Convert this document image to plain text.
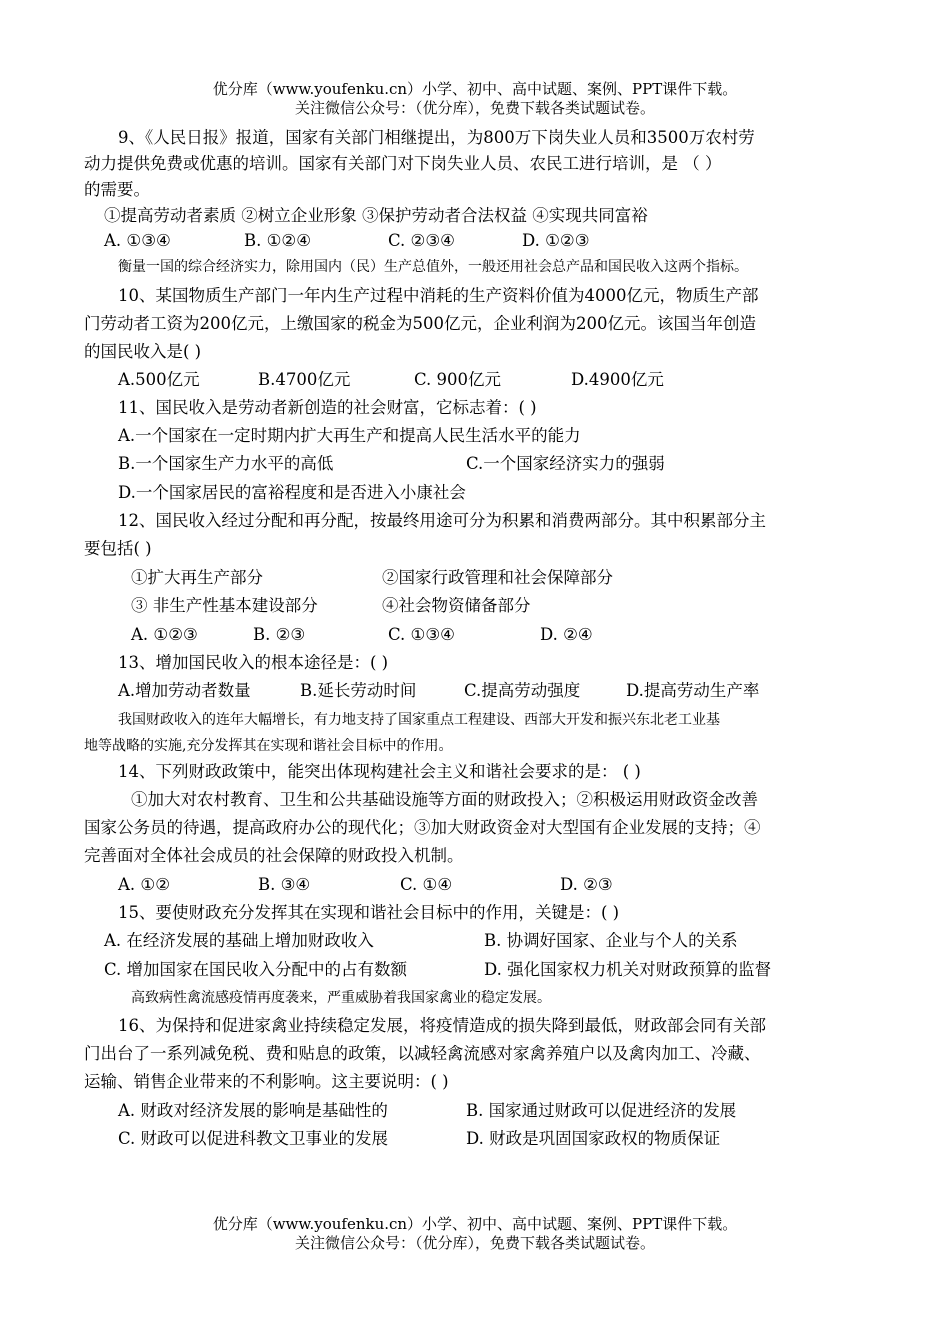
优分库（www.youfenku.cn）小学、初中、高中试题、案例、PPT课件下载。
关注微信公众号：（优分库），免费下载各类试题试卷。
9、《人民日报》报道，国家有关部门相继提出，为800万下岗失业人员和3500万农村劳
动力提供免费或优惠的培训。国家有关部门对下岗失业人员、农民工进行培训，是 （ ）
的需要。
①提高劳动者素质 ②树立企业形象 ③保护劳动者合法权益 ④实现共同富裕
A. ①③④	B. ①②④	C. ②③④	D. ①②③
衡量一国的综合经济实力，除用国内（民）生产总值外，一般还用社会总产品和国民收入这两个指标。
10、某国物质生产部门一年内生产过程中消耗的生产资料价值为4000亿元，物质生产部
门劳动者工资为200亿元，上缴国家的税金为500亿元，企业利润为200亿元。该国当年创造
的国民收入是( )
A.500亿元	B.4700亿元	C. 900亿元	D.4900亿元
11、国民收入是劳动者新创造的社会财富，它标志着：( )
A.一个国家在一定时期内扩大再生产和提高人民生活水平的能力
B.一个国家生产力水平的高低	C.一个国家经济实力的强弱
D.一个国家居民的富裕程度和是否进入小康社会
12、国民收入经过分配和再分配，按最终用途可分为积累和消费两部分。其中积累部分主
要包括( )
①扩大再生产部分	②国家行政管理和社会保障部分
③ 非生产性基本建设部分	④社会物资储备部分
A. ①②③	B. ②③	C. ①③④	D. ②④
13、增加国民收入的根本途径是：( )
A.增加劳动者数量	B.延长劳动时间	C.提高劳动强度	D.提高劳动生产率
我国财政收入的连年大幅增长，有力地支持了国家重点工程建设、西部大开发和振兴东北老工业基
地等战略的实施,充分发挥其在实现和谐社会目标中的作用。
14、下列财政政策中，能突出体现构建社会主义和谐社会要求的是： ( )
①加大对农村教育、卫生和公共基础设施等方面的财政投入；②积极运用财政资金改善
国家公务员的待遇，提高政府办公的现代化；③加大财政资金对大型国有企业发展的支持；④
完善面对全体社会成员的社会保障的财政投入机制。
A. ①②	B. ③④	C. ①④	D. ②③
15、要使财政充分发挥其在实现和谐社会目标中的作用，关键是：( )
A. 在经济发展的基础上增加财政收入	B. 协调好国家、企业与个人的关系
C. 增加国家在国民收入分配中的占有数额	D. 强化国家权力机关对财政预算的监督
高致病性禽流感疫情再度袭来，严重威胁着我国家禽业的稳定发展。
16、为保持和促进家禽业持续稳定发展，将疫情造成的损失降到最低，财政部会同有关部
门出台了一系列减免税、费和贴息的政策，以减轻禽流感对家禽养殖户以及禽肉加工、冷藏、
运输、销售企业带来的不利影响。这主要说明：( )
A. 财政对经济发展的影响是基础性的	B. 国家通过财政可以促进经济的发展
C. 财政可以促进科教文卫事业的发展	D. 财政是巩固国家政权的物质保证
优分库（www.youfenku.cn）小学、初中、高中试题、案例、PPT课件下载。
关注微信公众号：（优分库），免费下载各类试题试卷。
